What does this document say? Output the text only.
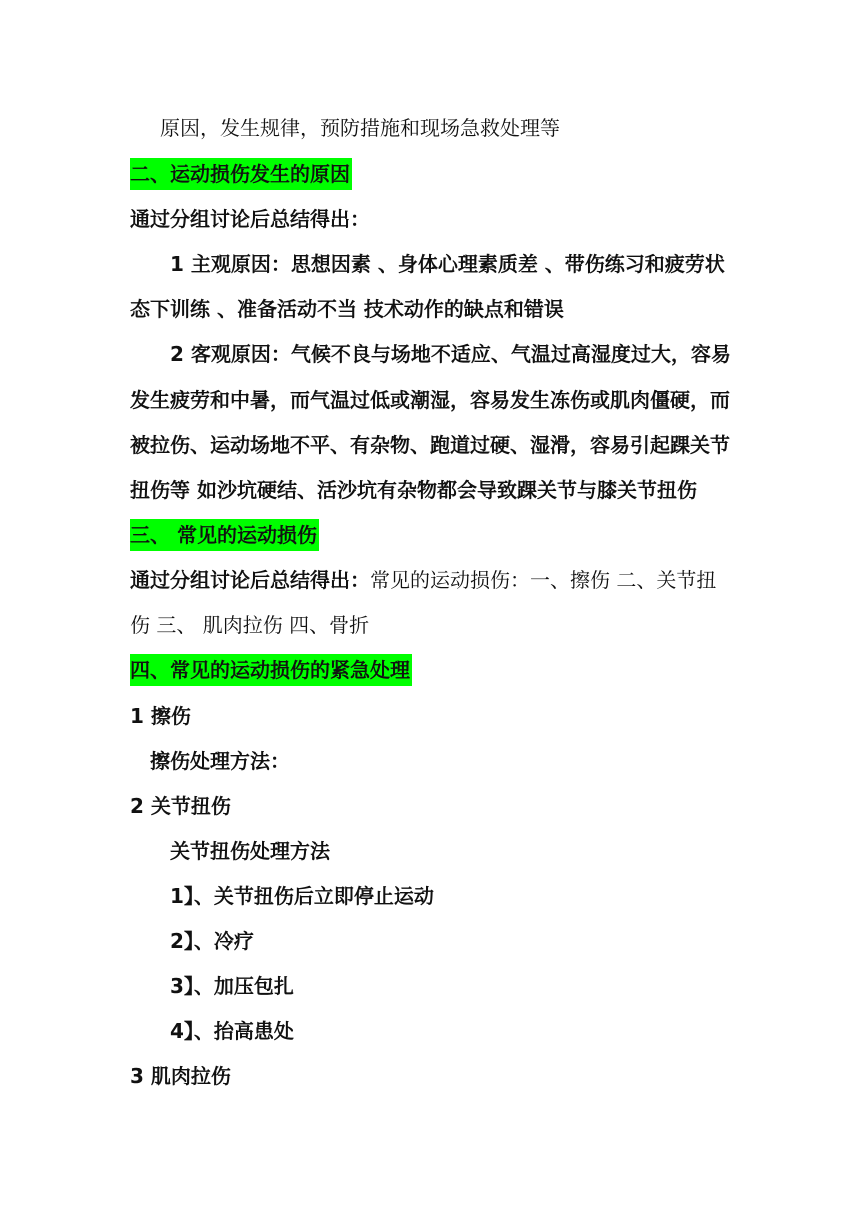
原因，发生规律，预防措施和现场急救处理等
二、运动损伤发生的原因
通过分组讨论后总结得出：
1 主观原因：思想因素 、身体心理素质差 、带伤练习和疲劳状
态下训练 、准备活动不当 技术动作的缺点和错误
2 客观原因：气候不良与场地不适应、气温过高湿度过大，容易
发生疲劳和中暑，而气温过低或潮湿，容易发生冻伤或肌肉僵硬，而
被拉伤、运动场地不平、有杂物、跑道过硬、湿滑，容易引起踝关节
扭伤等 如沙坑硬结、活沙坑有杂物都会导致踝关节与膝关节扭伤
三、 常见的运动损伤
通过分组讨论后总结得出：常见的运动损伤：一、擦伤 二、关节扭
伤 三、 肌肉拉伤 四、骨折
四、常见的运动损伤的紧急处理
1 擦伤
擦伤处理方法：
2 关节扭伤
关节扭伤处理方法
1】、关节扭伤后立即停止运动
2】、冷疗
3】、加压包扎
4】、抬高患处
3 肌肉拉伤
